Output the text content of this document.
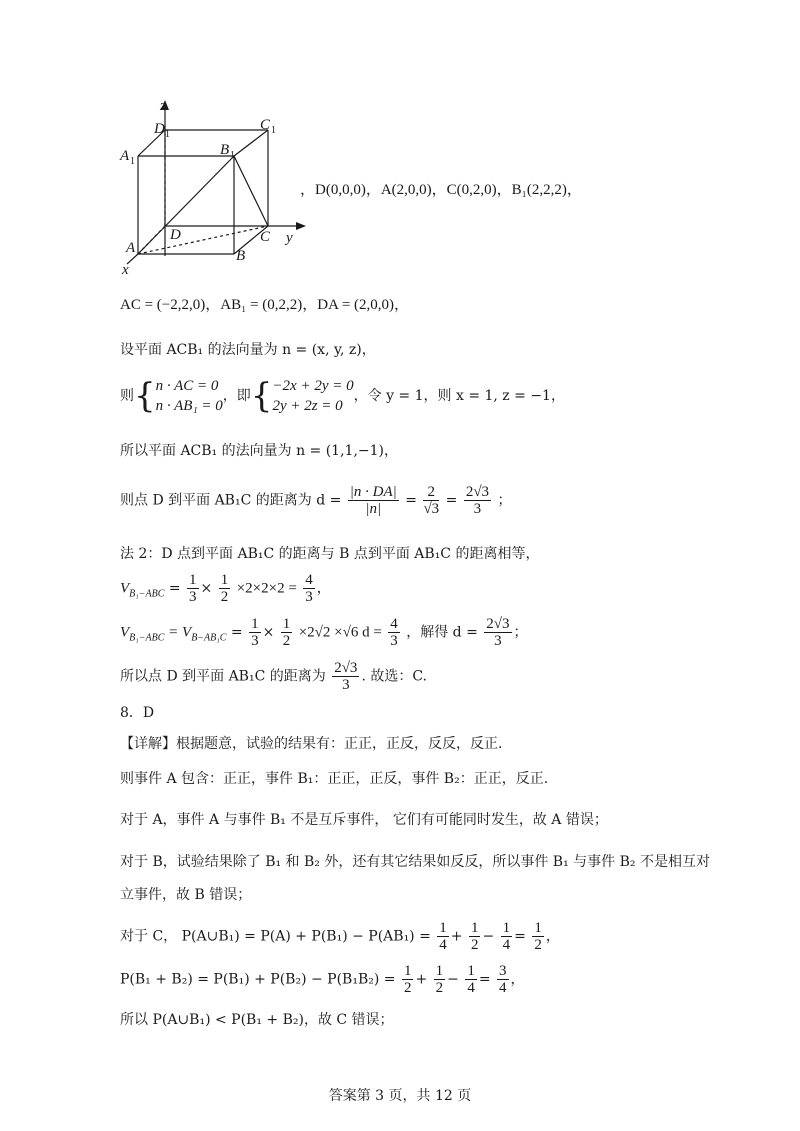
z
D 1
C 1
A 1
B 1
D
A	B
C y
x
，D(0,0,0)，A(2,0,0)，C(0,2,0)，B₁(2,2,2)，
AC = (−2,2,0)，AB₁ = (0,2,2)，DA = (2,0,0)，
设平面 ACB₁ 的法向量为 n = (x, y, z)，
则{n · AC = 0
n · AB₁ = 0，即{−2x + 2y = 0
2y + 2z = 0，令 y = 1，则 x = 1, z = −1，
所以平面 ACB₁ 的法向量为 n = (1,1,−1)，
则点 D 到平面 AB₁C 的距离为 $d = \frac{|n \cdot DA|}{|n|} = \frac{2}{√3} = \frac{2√3}{3}$ ；
法 2：D 点到平面 AB₁C 的距离与 B 点到平面 AB₁C 的距离相等，
$V_{B_1-ABC} = \frac{1}{3} \times \frac{1}{2} \times 2\times 2\times 2 = \frac{4}{3}$ ，
$V_{B_1-ABC} = V_{B-AB_1C} = \frac{1}{3} \times \frac{1}{2} \times 2√2 \times√6$ $d = \frac{4}{3}$ ，解得 $d = \frac{2√3}{3}$ ；
所以点 D 到平面 AB₁C 的距离为 $\frac{2√3}{3}$ . 故选：C.
8．D
【详解】根据题意，试验的结果有：正正，正反，反反，反正.
则事件 A 包含：正正，事件 B₁：正正，正反，事件 B₂：正正，反正.
对于 A，事件 A 与事件 B₁ 不是互斥事件， 它们有可能同时发生，故 A 错误；
对于 B，试验结果除了 B₁ 和 B₂ 外，还有其它结果如反反，所以事件 B₁ 与事件 B₂ 不是相互对
立事件，故 B 错误；
对于 C， P(A∪B₁) = $P(A) + P(B_1) - P(AB_1) = \frac{1}{4} + \frac{1}{2} - \frac{1}{4} = \frac{1}{2}$ ，
$P(B_1 + B_2) = P(B_1) + P(B_2) - P(B_1B_2) = \frac{1}{2} + \frac{1}{2} - \frac{1}{4} = \frac{3}{4}$ ，
所以 P(A∪B₁) < P(B₁ + B₂)，故 C 错误；
答案第 3 页，共 12 页
